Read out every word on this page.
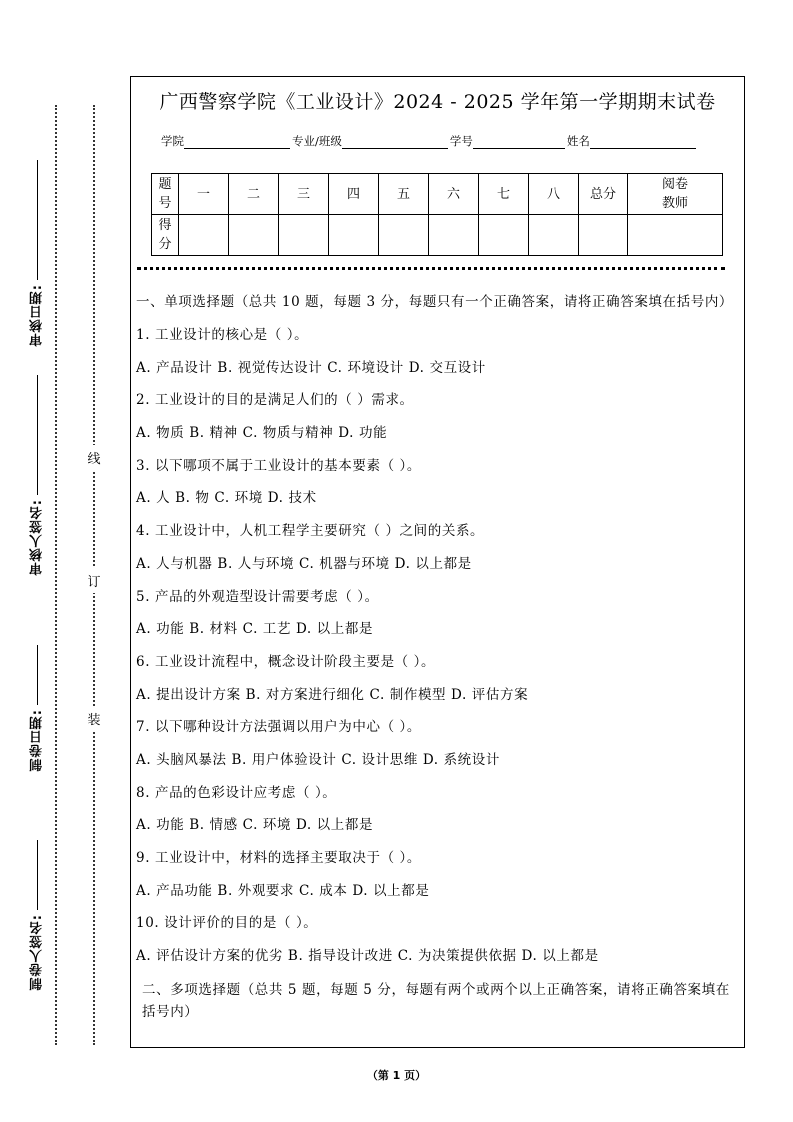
审核日期:
审核人签名:
制卷日期:
制卷人签名:
线
订
装
广西警察学院《工业设计》2024 - 2025 学年第一学期期末试卷
学院	专业/班级	学号	姓名
题
号	一	二	三	四	五	六	七	八	总分	阅卷
教师
得
分										

一、单项选择题（总共 10 题，每题 3 分，每题只有一个正确答案，请将正确答案填在括号内）

1. 工业设计的核心是（ ）。

A. 产品设计 B. 视觉传达设计 C. 环境设计 D. 交互设计

2. 工业设计的目的是满足人们的（ ）需求。

A. 物质 B. 精神 C. 物质与精神 D. 功能

3. 以下哪项不属于工业设计的基本要素（ ）。

A. 人 B. 物 C. 环境 D. 技术

4. 工业设计中，人机工程学主要研究（ ）之间的关系。

A. 人与机器 B. 人与环境 C. 机器与环境 D. 以上都是

5. 产品的外观造型设计需要考虑（ ）。

A. 功能 B. 材料 C. 工艺 D. 以上都是

6. 工业设计流程中，概念设计阶段主要是（ ）。

A. 提出设计方案 B. 对方案进行细化 C. 制作模型 D. 评估方案

7. 以下哪种设计方法强调以用户为中心（ ）。

A. 头脑风暴法 B. 用户体验设计 C. 设计思维 D. 系统设计

8. 产品的色彩设计应考虑（ ）。

A. 功能 B. 情感 C. 环境 D. 以上都是

9. 工业设计中，材料的选择主要取决于（ ）。

A. 产品功能 B. 外观要求 C. 成本 D. 以上都是

10. 设计评价的目的是（ ）。

A. 评估设计方案的优劣 B. 指导设计改进 C. 为决策提供依据 D. 以上都是

二、多项选择题（总共 5 题，每题 5 分，每题有两个或两个以上正确答案，请将正确答案填在括号内）

（第 1 页）
